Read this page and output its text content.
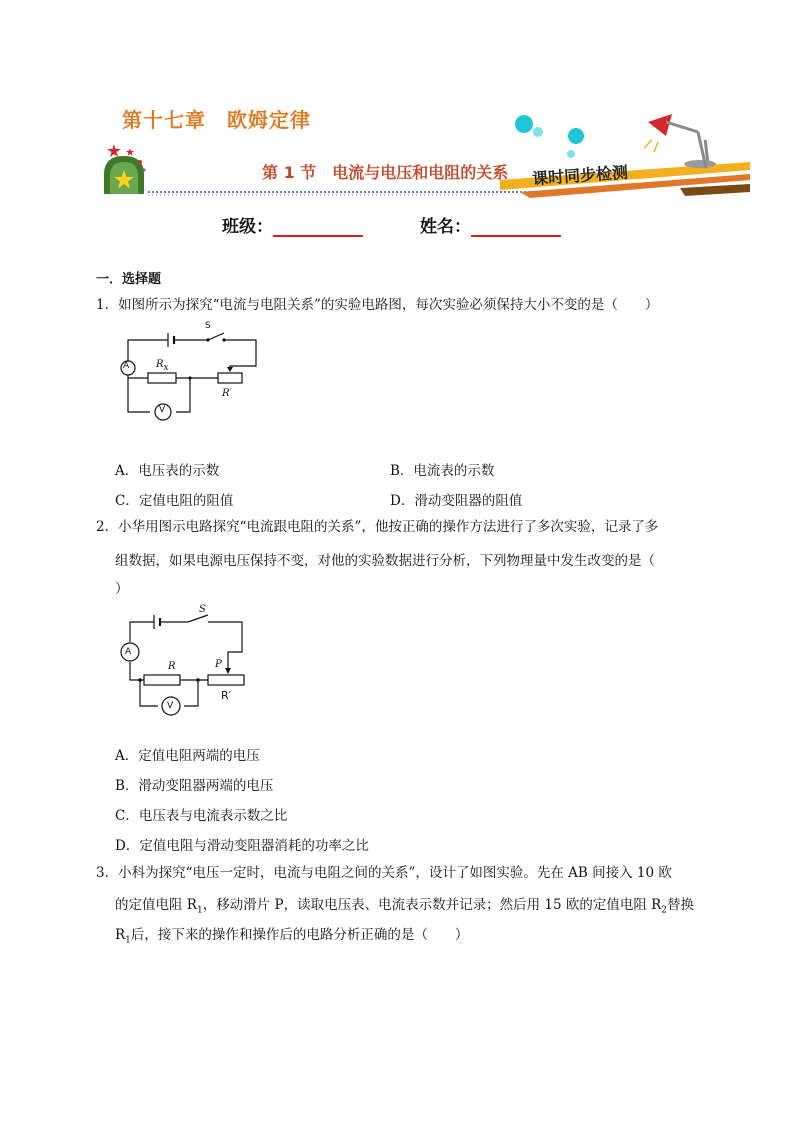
第十七章　欧姆定律
第 1 节　电流与电压和电阻的关系 课时同步检测
班级：	姓名：
一．选择题
1．如图所示为探究“电流与电阻关系”的实验电路图，每次实验必须保持大小不变的是（　　）
A
V
S
$R_x$
R′
A．电压表的示数	B．电流表的示数
C．定值电阻的阻值	D．滑动变阻器的阻值
2．小华用图示电路探究“电流跟电阻的关系”，他按正确的操作方法进行了多次实验，记录了多
组数据，如果电源电压保持不变，对他的实验数据进行分析，下列物理量中发生改变的是（
）
A
V
S
R	P
R′
A．定值电阻两端的电压
B．滑动变阻器两端的电压
C．电压表与电流表示数之比
D．定值电阻与滑动变阻器消耗的功率之比
3．小科为探究“电压一定时，电流与电阻之间的关系”，设计了如图实验。先在 AB 间接入 10 欧
的定值电阻 $R_1$，移动滑片 P，读取电压表、电流表示数并记录；然后用 15 欧的定值电阻 $R_2$替换
$R_1$后，接下来的操作和操作后的电路分析正确的是（　　）
